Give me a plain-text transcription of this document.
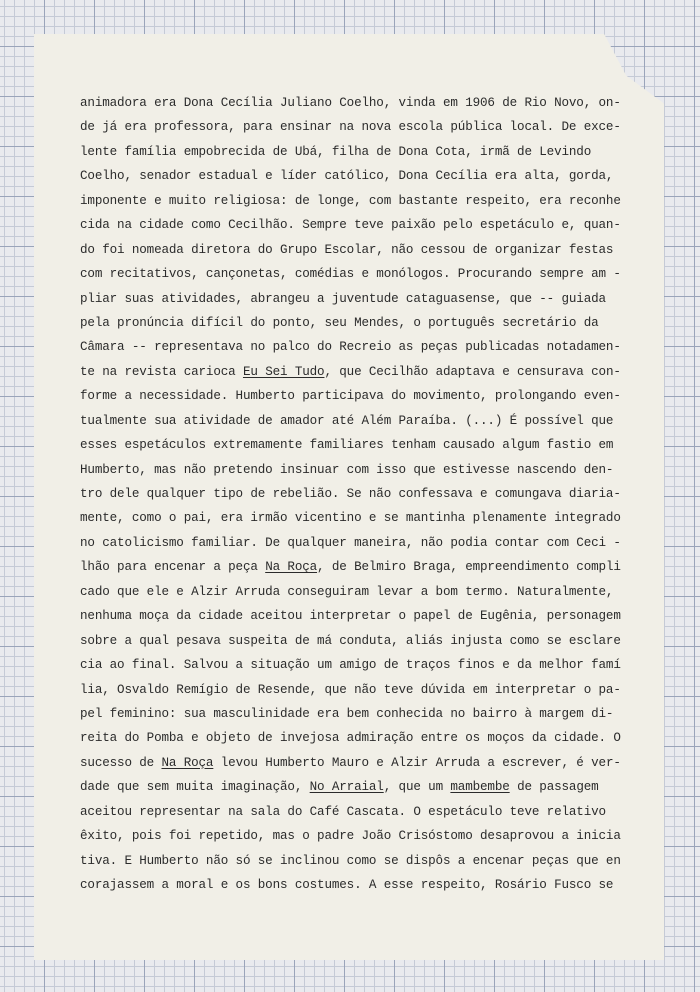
animadora era Dona Cecília Juliano Coelho, vinda em 1906 de Rio Novo, on-
de já era professora, para ensinar na nova escola pública local. De exce-
lente família empobrecida de Ubá, filha de Dona Cota, irmã de Levindo
Coelho, senador estadual e líder católico, Dona Cecília era alta, gorda,
imponente e muito religiosa: de longe, com bastante respeito, era reconhe
cida na cidade como Cecilhão. Sempre teve paixão pelo espetáculo e, quan-
do foi nomeada diretora do Grupo Escolar, não cessou de organizar festas
com recitativos, cançonetas, comédias e monólogos. Procurando sempre am -
pliar suas atividades, abrangeu a juventude cataguasense, que -- guiada
pela pronúncia difícil do ponto, seu Mendes, o português secretário da
Câmara -- representava no palco do Recreio as peças publicadas notadamen-
te na revista carioca Eu Sei Tudo, que Cecilhão adaptava e censurava con-
forme a necessidade. Humberto participava do movimento, prolongando even-
tualmente sua atividade de amador até Além Paraíba. (...) É possível que
esses espetáculos extremamente familiares tenham causado algum fastio em
Humberto, mas não pretendo insinuar com isso que estivesse nascendo den-
tro dele qualquer tipo de rebelião. Se não confessava e comungava diaria-
mente, como o pai, era irmão vicentino e se mantinha plenamente integrado
no catolicismo familiar. De qualquer maneira, não podia contar com Ceci -
lhão para encenar a peça Na Roça, de Belmiro Braga, empreendimento compli
cado que ele e Alzir Arruda conseguiram levar a bom termo. Naturalmente,
nenhuma moça da cidade aceitou interpretar o papel de Eugênia, personagem
sobre a qual pesava suspeita de má conduta, aliás injusta como se esclare
cia ao final. Salvou a situação um amigo de traços finos e da melhor famí
lia, Osvaldo Remígio de Resende, que não teve dúvida em interpretar o pa-
pel feminino: sua masculinidade era bem conhecida no bairro à margem di-
reita do Pomba e objeto de invejosa admiração entre os moços da cidade. O
sucesso de Na Roça levou Humberto Mauro e Alzir Arruda a escrever, é ver-
dade que sem muita imaginação, No Arraial, que um mambembe de passagem
aceitou representar na sala do Café Cascata. O espetáculo teve relativo
êxito, pois foi repetido, mas o padre João Crisóstomo desaprovou a inicia
tiva. E Humberto não só se inclinou como se dispôs a encenar peças que en
corajassem a moral e os bons costumes. A esse respeito, Rosário Fusco se
